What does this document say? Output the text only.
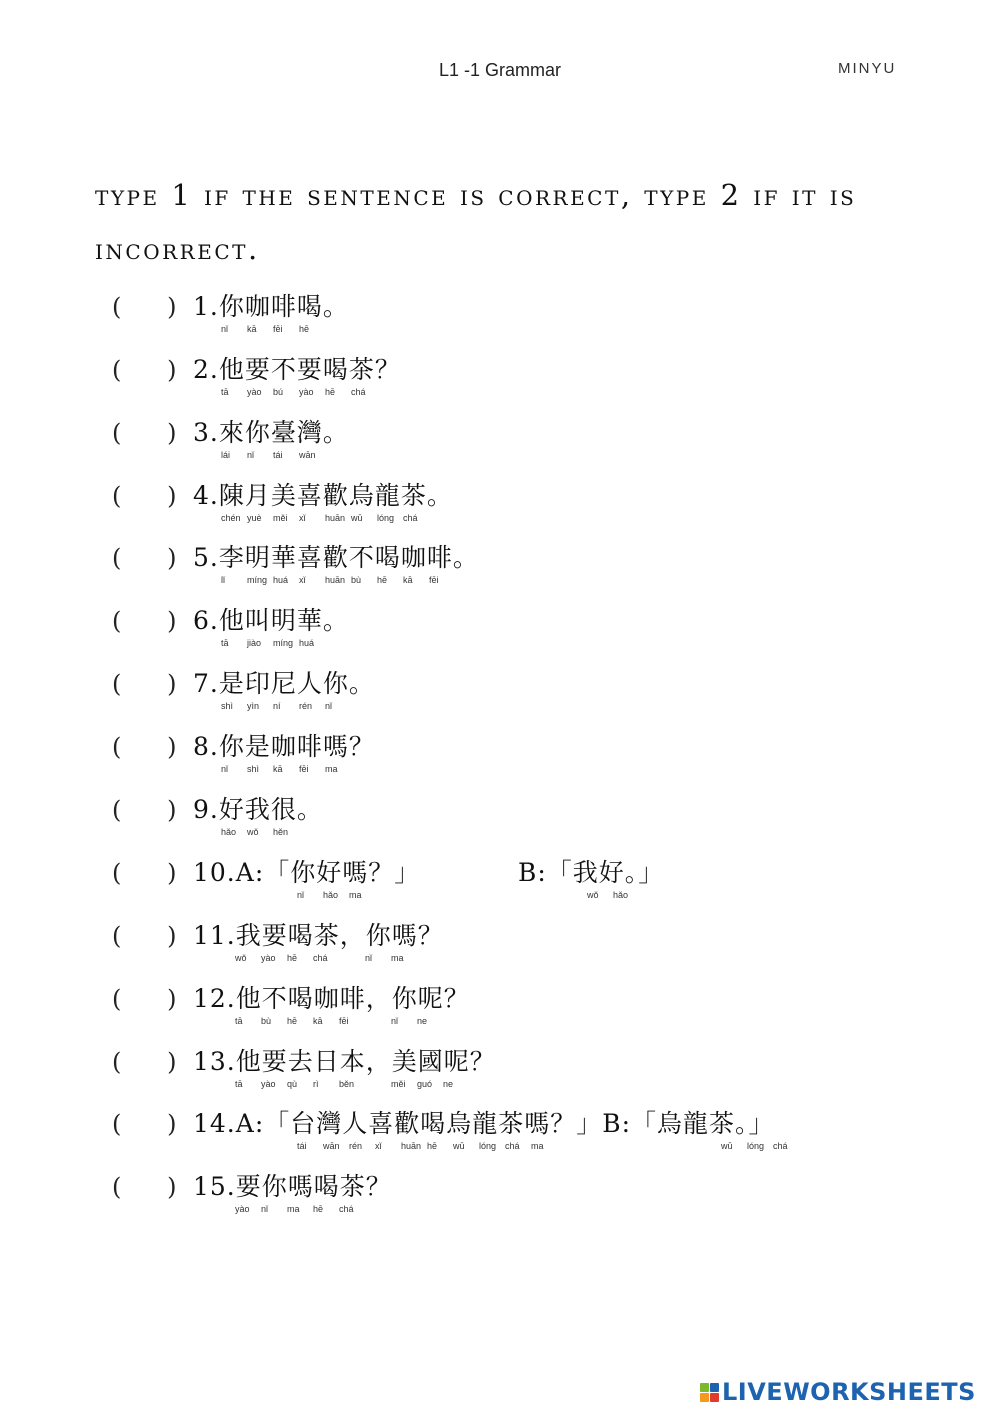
L1 -1 Grammar	MINYU
type 1 if the sentence is correct, type 2 if it is incorrect.
(      ) 1.你咖啡喝。
nǐ kā fēi hē
(      ) 2.他要不要喝茶？
tā yào bú yào hē chá
(      ) 3.來你臺灣。
lái nǐ tái wān
(      ) 4.陳月美喜歡烏龍茶。
chén yuè měi xǐ huān wū lóng chá
(      ) 5.李明華喜歡不喝咖啡。
lǐ míng huá xǐ huān bù hē kā fēi
(      ) 6.他叫明華。
tā jiào míng huá
(      ) 7.是印尼人你。
shì yìn ní rén nǐ
(      ) 8.你是咖啡嗎？
nǐ shì kā fēi ma
(      ) 9.好我很。
hǎo wǒ hěn
(      ) 10.A:「你好嗎？」
nǐ hǎo ma
B:「我好。」
wǒ hǎo
(      ) 11.我要喝茶，你嗎？
wǒ yào hē chá	nǐ ma
(      ) 12.他不喝咖啡，你呢？
tā bù hē kā fēi	nǐ ne
(      ) 13.他要去日本，美國呢？
tā yào qù rì běn	měi guó ne
(      ) 14.A:「台灣人喜歡喝烏龍茶嗎？」B:「烏龍茶。」
tái wān rén xǐ huān hē wū lóng chá ma	wū lóng chá
(      ) 15.要你嗎喝茶？
yào nǐ ma hē chá
LIVEWORKSHEETS
